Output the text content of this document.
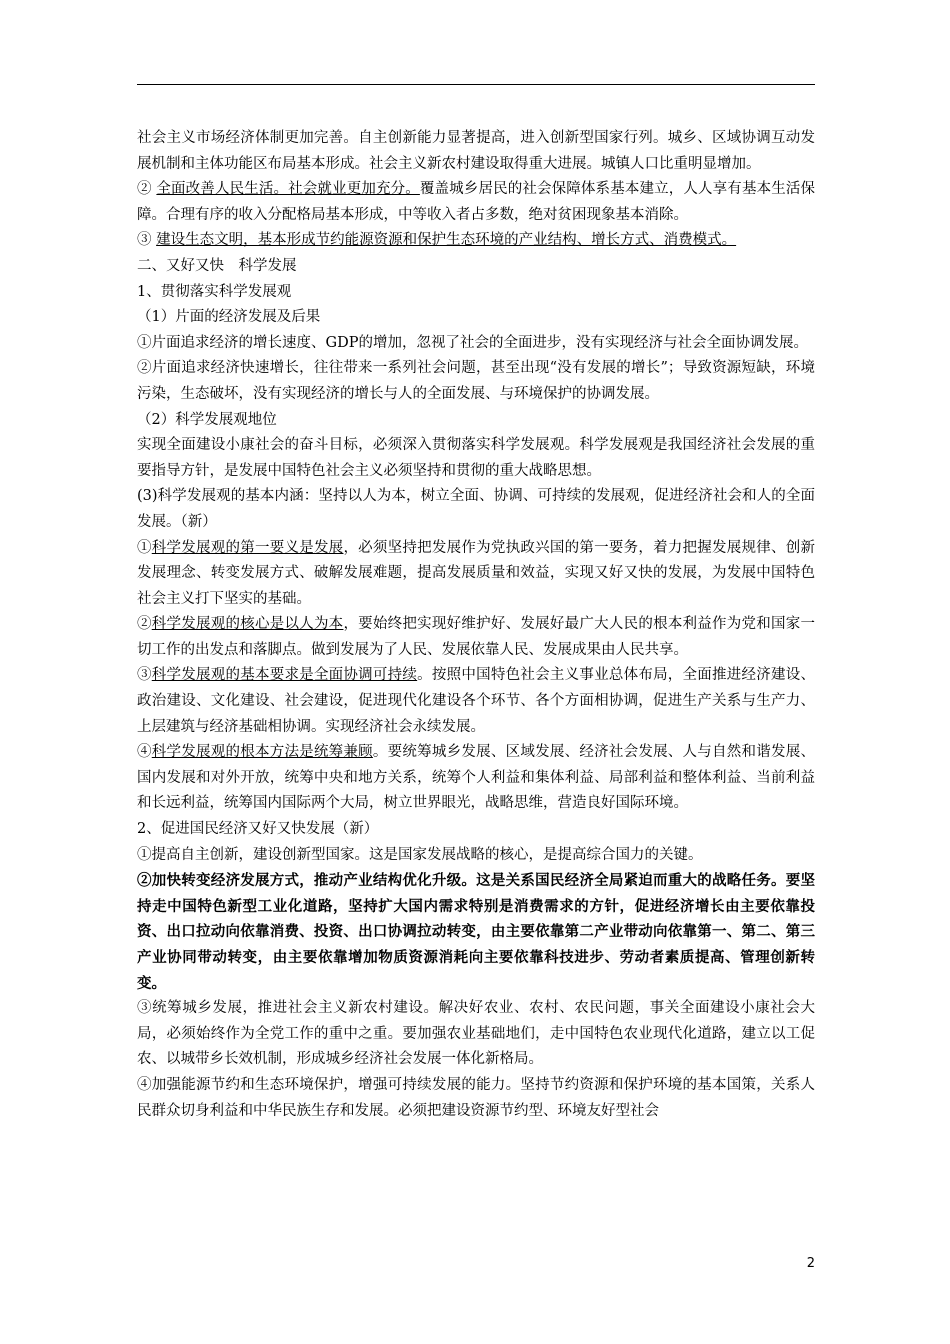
社会主义市场经济体制更加完善。自主创新能力显著提高，进入创新型国家行列。城乡、区域协调互动发展机制和主体功能区布局基本形成。社会主义新农村建设取得重大进展。城镇人口比重明显增加。

② 全面改善人民生活。社会就业更加充分。覆盖城乡居民的社会保障体系基本建立，人人享有基本生活保障。合理有序的收入分配格局基本形成，中等收入者占多数，绝对贫困现象基本消除。

③ 建设生态文明，基本形成节约能源资源和保护生态环境的产业结构、增长方式、消费模式。

二、又好又快　科学发展

1、贯彻落实科学发展观

（1）片面的经济发展及后果

①片面追求经济的增长速度、GDP的增加，忽视了社会的全面进步，没有实现经济与社会全面协调发展。

②片面追求经济快速增长，往往带来一系列社会问题，甚至出现“没有发展的增长”；导致资源短缺，环境污染，生态破坏，没有实现经济的增长与人的全面发展、与环境保护的协调发展。

（2）科学发展观地位

实现全面建设小康社会的奋斗目标，必须深入贯彻落实科学发展观。科学发展观是我国经济社会发展的重要指导方针，是发展中国特色社会主义必须坚持和贯彻的重大战略思想。

(3)科学发展观的基本内涵：坚持以人为本，树立全面、协调、可持续的发展观，促进经济社会和人的全面发展。（新）

①科学发展观的第一要义是发展，必须坚持把发展作为党执政兴国的第一要务，着力把握发展规律、创新发展理念、转变发展方式、破解发展难题，提高发展质量和效益，实现又好又快的发展，为发展中国特色社会主义打下坚实的基础。

②科学发展观的核心是以人为本，要始终把实现好维护好、发展好最广大人民的根本利益作为党和国家一切工作的出发点和落脚点。做到发展为了人民、发展依靠人民、发展成果由人民共享。

③科学发展观的基本要求是全面协调可持续。按照中国特色社会主义事业总体布局，全面推进经济建设、政治建设、文化建设、社会建设，促进现代化建设各个环节、各个方面相协调，促进生产关系与生产力、上层建筑与经济基础相协调。实现经济社会永续发展。

④科学发展观的根本方法是统筹兼顾。要统筹城乡发展、区域发展、经济社会发展、人与自然和谐发展、国内发展和对外开放，统筹中央和地方关系，统筹个人利益和集体利益、局部利益和整体利益、当前利益和长远利益，统筹国内国际两个大局，树立世界眼光，战略思维，营造良好国际环境。

2、促进国民经济又好又快发展（新）

①提高自主创新，建设创新型国家。这是国家发展战略的核心，是提高综合国力的关键。

②加快转变经济发展方式，推动产业结构优化升级。这是关系国民经济全局紧迫而重大的战略任务。要坚持走中国特色新型工业化道路，坚持扩大国内需求特别是消费需求的方针，促进经济增长由主要依靠投资、出口拉动向依靠消费、投资、出口协调拉动转变，由主要依靠第二产业带动向依靠第一、第二、第三产业协同带动转变，由主要依靠增加物质资源消耗向主要依靠科技进步、劳动者素质提高、管理创新转变。

③统筹城乡发展，推进社会主义新农村建设。解决好农业、农村、农民问题，事关全面建设小康社会大局，必须始终作为全党工作的重中之重。要加强农业基础地们，走中国特色农业现代化道路，建立以工促农、以城带乡长效机制，形成城乡经济社会发展一体化新格局。

④加强能源节约和生态环境保护，增强可持续发展的能力。坚持节约资源和保护环境的基本国策，关系人民群众切身利益和中华民族生存和发展。必须把建设资源节约型、环境友好型社会

2
